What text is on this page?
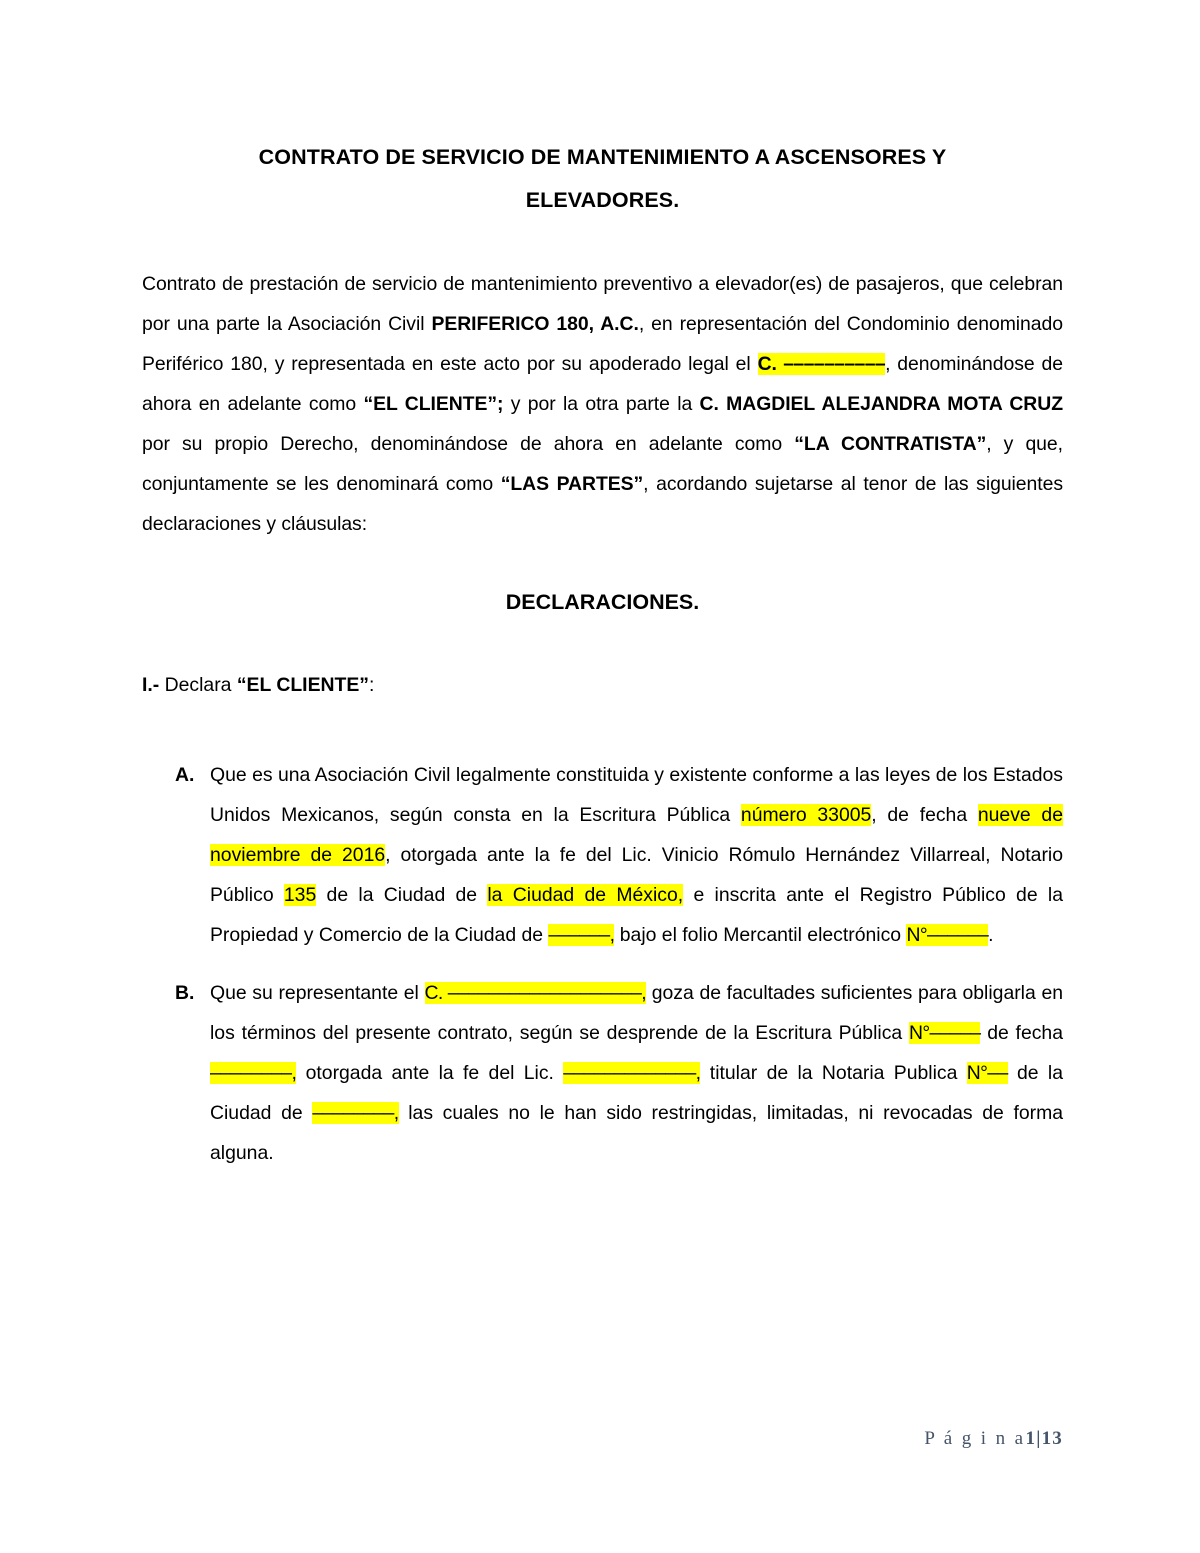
CONTRATO DE SERVICIO DE MANTENIMIENTO A ASCENSORES Y
ELEVADORES.

Contrato de prestación de servicio de mantenimiento preventivo a elevador(es) de pasajeros, que celebran por una parte la Asociación Civil PERIFERICO 180, A.C., en representación del Condominio denominado Periférico 180, y representada en este acto por su apoderado legal el C. ––––––––––, denominándose de ahora en adelante como “EL CLIENTE”; y por la otra parte la C. MAGDIEL ALEJANDRA MOTA CRUZ por su propio Derecho, denominándose de ahora en adelante como “LA CONTRATISTA”, y que, conjuntamente se les denominará como “LAS PARTES”, acordando sujetarse al tenor de las siguientes declaraciones y cláusulas:

DECLARACIONES.

I.- Declara “EL CLIENTE”:

A. Que es una Asociación Civil legalmente constituida y existente conforme a las leyes de los Estados Unidos Mexicanos, según consta en la Escritura Pública número 33005, de fecha nueve de noviembre de 2016, otorgada ante la fe del Lic. Vinicio Rómulo Hernández Villarreal, Notario Público 135 de la Ciudad de la Ciudad de México, e inscrita ante el Registro Público de la Propiedad y Comercio de la Ciudad de ––––––, bajo el folio Mercantil electrónico N°––––––.
B. Que su representante el C. –––––––––––––––––––, goza de facultades suficientes para obligarla en los términos del presente contrato, según se desprende de la Escritura Pública N°––––– de fecha ––––––––, otorgada ante la fe del Lic. –––––––––––––, titular de la Notaria Publica N°–– de la Ciudad de ––––––––, las cuales no le han sido restringidas, limitadas, ni revocadas de forma alguna.
P á g i n a1|13
